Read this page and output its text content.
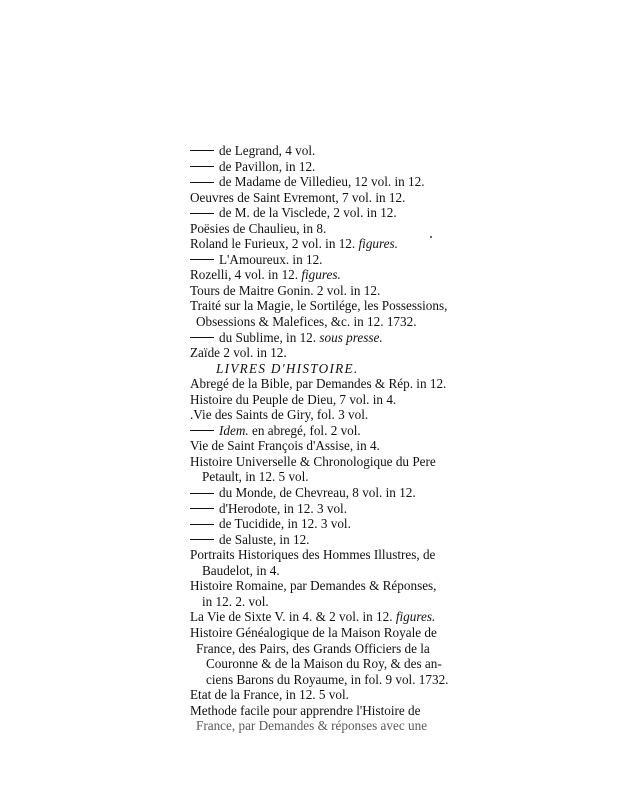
de Legrand, 4 vol.
de Pavillon, in 12.
de Madame de Villedieu, 12 vol. in 12.
Oeuvres de Saint Evremont, 7 vol. in 12.
de M. de la Visclede, 2 vol. in 12.
Poësies de Chaulieu, in 8.
Roland le Furieux, 2 vol. in 12. figures.
L'Amoureux. in 12.
Rozelli, 4 vol. in 12. figures.
Tours de Maitre Gonin. 2 vol. in 12.
Traité sur la Magie, le Sortilége, les Possessions,
Obsessions & Malefices, &c. in 12. 1732.
du Sublime, in 12. sous presse.
Zaïde 2 vol. in 12.
LIVRES D'HISTOIRE.
Abregé de la Bible, par Demandes & Rép. in 12.
Histoire du Peuple de Dieu, 7 vol. in 4.
.Vie des Saints de Giry, fol. 3 vol.
Idem. en abregé, fol. 2 vol.
Vie de Saint François d'Assise, in 4.
Histoire Universelle & Chronologique du Pere
Petault, in 12. 5 vol.
du Monde, de Chevreau, 8 vol. in 12.
d'Herodote, in 12. 3 vol.
de Tucidide, in 12. 3 vol.
de Saluste, in 12.
Portraits Historiques des Hommes Illustres, de
Baudelot, in 4.
Histoire Romaine, par Demandes & Réponses,
in 12. 2. vol.
La Vie de Sixte V. in 4. & 2 vol. in 12. figures.
Histoire Généalogique de la Maison Royale de
France, des Pairs, des Grands Officiers de la
Couronne & de la Maison du Roy, & des an-
ciens Barons du Royaume, in fol. 9 vol. 1732.
Etat de la France, in 12. 5 vol.
Methode facile pour apprendre l'Histoire de
France, par Demandes & réponses avec une
